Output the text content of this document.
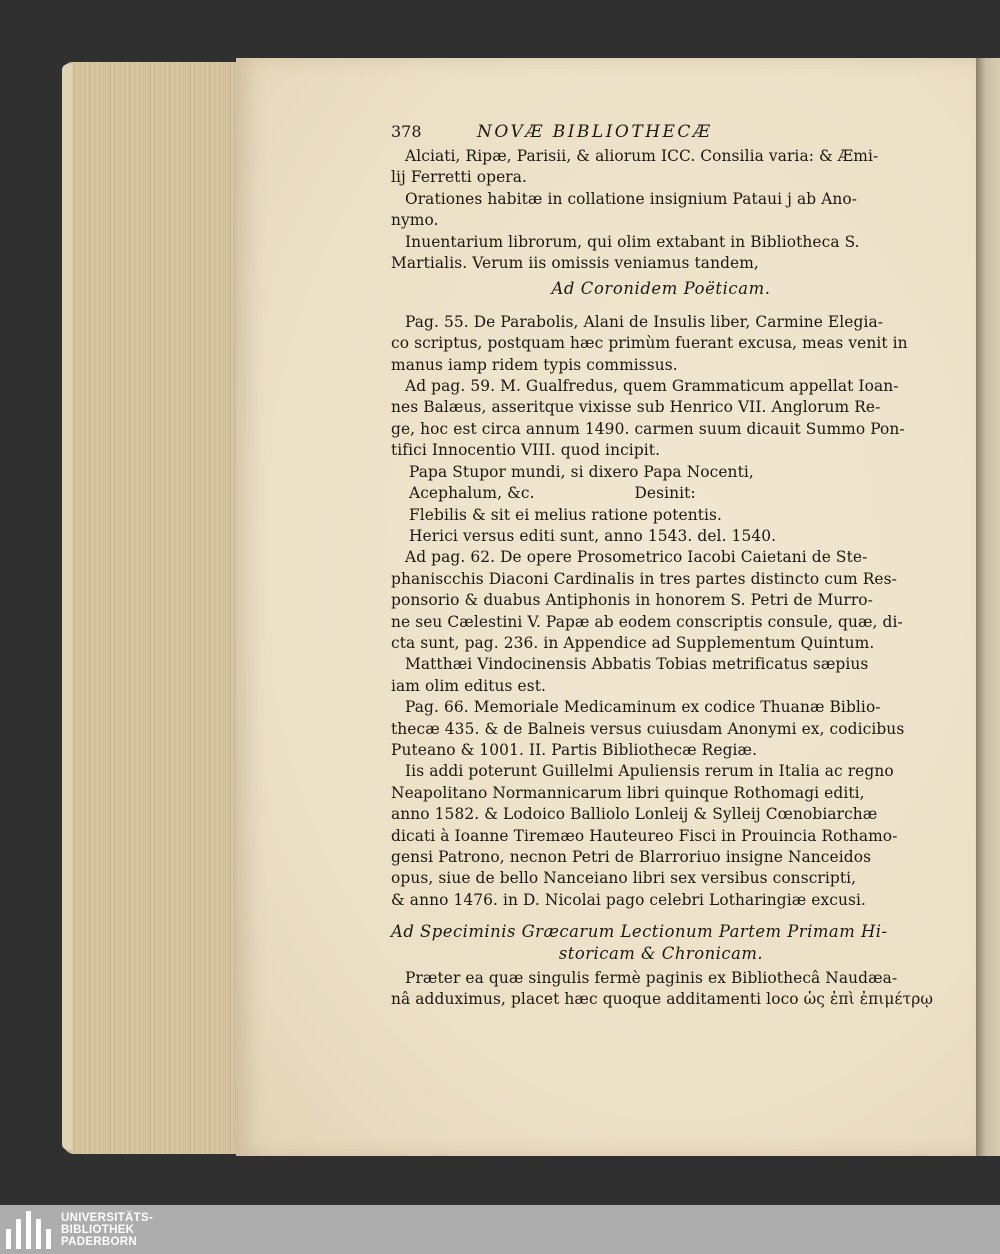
378	NOVÆ BIBLIOTHECÆ
Alciati, Ripæ, Parisii, & aliorum ICC. Consilia varia: & Æmi-
lij Ferretti opera.
Orationes habitæ in collatione insignium Pataui j ab Ano-
nymo.
Inuentarium librorum, qui olim extabant in Bibliotheca S.
Martialis. Verum iis omissis veniamus tandem,
Ad Coronidem Poëticam.
Pag. 55. De Parabolis, Alani de Insulis liber, Carmine Elegia-
co scriptus, postquam hæc primùm fuerant excusa, meas venit in
manus iamp ridem typis commissus.
Ad pag. 59. M. Gualfredus, quem Grammaticum appellat Ioan-
nes Balæus, asseritque vixisse sub Henrico VII. Anglorum Re-
ge, hoc est circa annum 1490. carmen suum dicauit Summo Pon-
tifici Innocentio VIII. quod incipit.
Papa Stupor mundi, si dixero Papa Nocenti,
Acephalum, &c.                    Desinit:
Flebilis & sit ei melius ratione potentis.
Herici versus editi sunt, anno 1543. del. 1540.
Ad pag. 62. De opere Prosometrico Iacobi Caietani de Ste-
phaniscchis Diaconi Cardinalis in tres partes distincto cum Res-
ponsorio & duabus Antiphonis in honorem S. Petri de Murro-
ne seu Cælestini V. Papæ ab eodem conscriptis consule, quæ, di-
cta sunt, pag. 236. in Appendice ad Supplementum Quintum.
Matthæi Vindocinensis Abbatis Tobias metrificatus sæpius
iam olim editus est.
Pag. 66. Memoriale Medicaminum ex codice Thuanæ Biblio-
thecæ 435. & de Balneis versus cuiusdam Anonymi ex, codicibus
Puteano & 1001. II. Partis Bibliothecæ Regiæ.
Iis addi poterunt Guillelmi Apuliensis rerum in Italia ac regno
Neapolitano Normannicarum libri quinque Rothomagi editi,
anno 1582. & Lodoico Balliolo Lonleij & Sylleij Cœnobiarchæ
dicati à Ioanne Tiremæo Hauteureo Fisci in Prouincia Rothamo-
gensi Patrono, necnon Petri de Blarroriuo insigne Nanceidos
opus, siue de bello Nanceiano libri sex versibus conscripti,
& anno 1476. in D. Nicolai pago celebri Lotharingiæ excusi.
Ad Speciminis Græcarum Lectionum Partem Primam Hi-
storicam & Chronicam.
Præter ea quæ singulis fermè paginis ex Bibliothecâ Naudæa-
nâ adduximus, placet hæc quoque additamenti loco ὡς ἐπὶ ἐπιμέτρῳ
UNIVERSITÄTS-
BIBLIOTHEK
PADERBORN
